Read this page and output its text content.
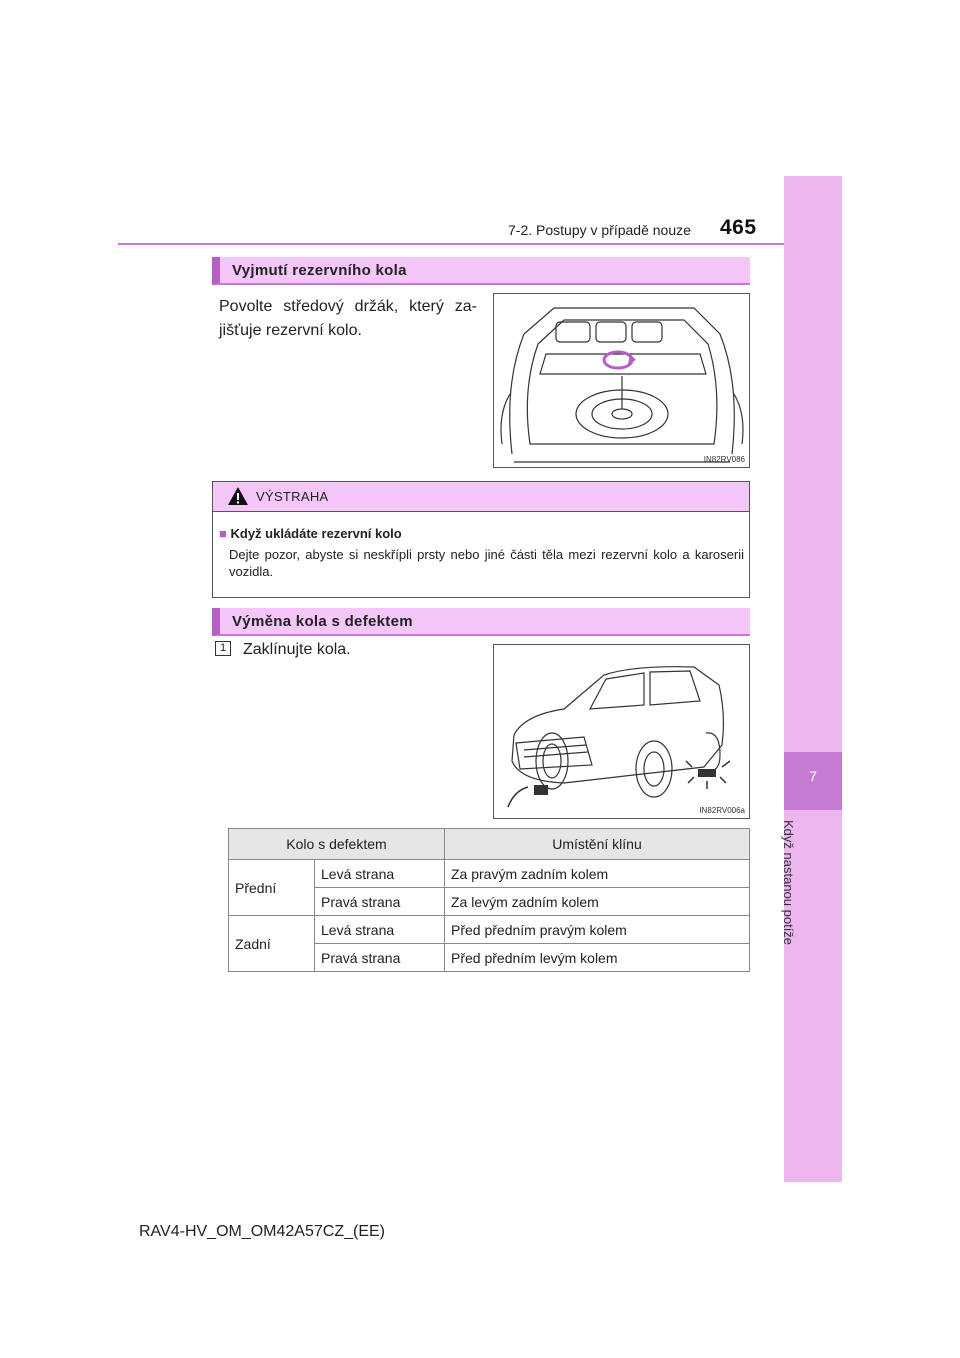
7
Když nastanou potíže
7-2. Postupy v případě nouze 465
Vyjmutí rezervního kola
Povolte středový držák, který za-jišťuje rezervní kolo.
IN82RV086
VÝSTRAHA
■ Když ukládáte rezervní kolo
Dejte pozor, abyste si neskřípli prsty nebo jiné části těla mezi rezervní kolo a karoserii vozidla.
Výměna kola s defektem
1	Zaklínujte kola.
IN82RV006a
Kolo s defektem		Umístění klínu
Přední	Levá strana	Za pravým zadním kolem
	Pravá strana	Za levým zadním kolem
Zadní	Levá strana	Před předním pravým kolem
	Pravá strana	Před předním levým kolem
RAV4-HV_OM_OM42A57CZ_(EE)
